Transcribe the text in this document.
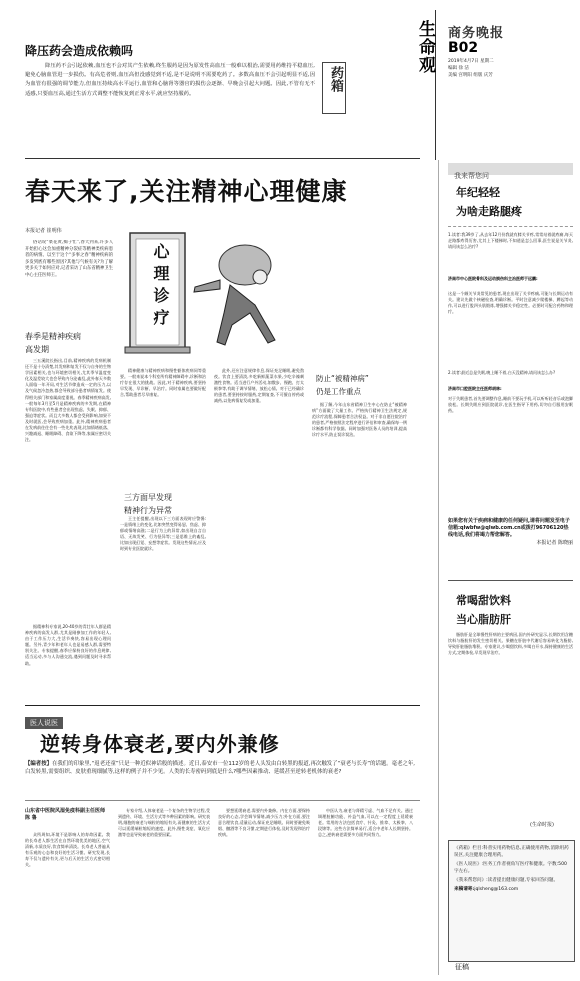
生命观 商务晚报
B02
2019年4月7日 星期二
编辑 徐 洁
美编 宫明阳 组版 庆芳
药箱
降压药会造成依赖吗
降压药不会引起依赖,血压也不会对其产生依赖,终生服药是因为原发性高血压一般难以根治,需要用药维持平稳血压,避免心脑血管进一步损伤。有高危者则,血压高但没感觉到不适,是不是说明不需要吃药了。多数高血压不会引起明显不适,因为血管有很强的调节能力,但血压持续高水平运行,血管和心脑肾等器官的损伤会逐渐、早晚会引起大问题。因此,不管有无不适感,只要血压高,通过生活方式调整不能恢复到正常水平,就应坚持服药。
春天来了,关注精神心理健康
本报记者 崔明伟
心理诊疗
俗话说“菜花黄,痴子忙”,春天到来,许多人开始担心这会加重精神分裂症等精神类疾病患者的病情。以至于这个“多事之春”精神疾病的多发到底有哪些原因?其他与气候有关?为了解更多关于如何应对,记者采访了山东省精神卫生中心主任医师王。
春季是精神疾病
高发期
三五溪院长指出,目前,精神疾病的发病机制还不是十分清楚,其发病和复发不仅与自身的生物学因素相关,也与环境密切相关,尤其季节温度变化及温差较大也会导致内分泌紊乱,此外春天多数人面临一年开局,对生活节律造成一定的压力,以及气候忽冷忽热,都会导致部分患者病情复发。使得相关部门和家属高度重视。春季精神疾病高发,一般每年3月至5月是精神疾病的多发期,在精神专科医院中,有些患者会出现焦虑、失眠、抑郁、强迫等症状。而且大多数人都会受到影响,如果不及时就医,会导致疾病加重。此外,精神疾病患者在发病前往往会有一些先兆表现,比如情绪低落、兴趣减退、睡眠障碍、食欲下降等,家属应密切关注。
据精神科专家说,20-40岁的青壮年人群是精神疾病的高发人群,尤其是刚参加工作的年轻人,由于工作压力大,生活节奏快,容易出现心理问题。另外,青少年和老年人也是易感人群,需要特别关注。专家提醒,春季应保持良好的作息规律,适当运动,多与人沟通交流,遇到问题及时寻求帮助。
精神健康与精神疾病和慢性躯体疾病同等重要。一般来说本个科室所有精神障碍中,诊断和治疗存在很大的挑战。因此,对于精神疾病,要坚持早发现、早诊断、早治疗。同时家属也要做好配合,帮助患者尽早康复。
三方面早发现
精神行为异常
王主任提醒,出现以下三方面表现时应警惕:一是情绪上的变化,比如突然变得易怒、焦虑、抑郁或情绪高涨;二是行为上的异常,如出现自言自语、无故发笑、行为怪异等;三是思维上的紊乱,比如出现幻觉、妄想等症状。发现这些情况,应及时到专业医院就诊。
此外,还应注意规律作息,保证充足睡眠,避免熬夜。饮食上要清淡,多吃新鲜蔬菜水果,少吃辛辣刺激性食物。适当进行户外活动,如散步、慢跑、打太极拳等,有助于调节情绪、放松心情。对于已经确诊的患者,要坚持按时服药,定期复查,不可擅自停药或减药,以免病情复发或加重。
防止“被精神病”
仍是工作重点
据了解,今年山东省精神卫生中心在防止“被精神病”方面做了大量工作。严格执行精神卫生法规定,规范诊疗流程,保障患者合法权益。对于非自愿住院治疗的患者,严格按照法定程序进行评估和审查,确保每一例诊断都有科学依据。同时加强对医务人员的培训,提高诊疗水平,防止误诊误治。
医人说医
逆转身体衰老,要内外兼修
【编者按】在我们的印象里,“返老还童”只是一种近似神话般的描述。近日,泰安市一位112岁的老人头发由白转黑的报道,再次触发了“衰老与长寿”的话题。毫老之年,白发转黑,需要组织、皮肤重现细腻等,这样的例子并不少见。人类的长寿密码到底是什么?哪些因素推动、延缓甚至逆转老机体的衰老?
山东省中医院风湿免疫科副主任医师
陈 鲁
众所周知,环境不是影响人的寿命因素。我的长寿老人都生活在自然环境优美的地区,空气清新,水质良好,饮食简单清淡。长寿老人普遍具有乐观的心态和良好的生活习惯。研究发现,长寿不仅与遗传有关,更与后天的生活方式密切相关。
专家介绍,人体衰老是一个复杂的生物学过程,受到遗传、环境、生活方式等多种因素的影响。研究表明,细胞的衰老与端粒的缩短有关,而健康的生活方式可以延缓端粒缩短的速度。此外,慢性炎症、氧化应激等也是导致衰老的重要因素。
要想延缓衰老,需要内外兼修。内在方面,要保持良好的心态,学会调节情绪,减少压力;外在方面,要注意合理饮食,适量运动,保证充足睡眠。同时要避免吸烟、酗酒等不良习惯,定期进行体检,及时发现和治疗疾病。
中医认为,衰老与肾精亏虚、气血不足有关。通过调理脏腑功能、补益气血,可以在一定程度上延缓衰老。常用的方法包括食疗、针灸、推拿、太极拳、八段锦等。这些方法简单易行,适合中老年人长期坚持。总之,逆转衰老需要多方面共同努力。
我来帮您问
年纪轻轻
为啥走路腿疼
1.读者:我39岁了,从去年12月份我就有膝关节疼,常常站着就疼痛,每天走路都疼得厉害,尤其上下楼梯时,不知道是怎么回事,医生说是关节炎,请问该怎么治疗?
济南市中心医院骨科及运动损伤科主治医师于远鹏:
这是一个颇关节炎常见的患者,现在出现了关节疼痛,可能与长期运动有关。建议先做个核磁检查,明确诊断。平时注意减少爬楼梯、蹲起等动作,可以进行股四头肌锻炼,增强膝关节稳定性。必要时可配合药物和理疗。
2.读者:最近总是失眠,晚上睡不着,白天没精神,请问该怎么办?
济南市口腔医院主任医师胡林:
对于失眠患者,首先要调整作息,睡前不要玩手机,可以听听轻音乐或泡脚放松。长期失眠应到医院就诊,在医生指导下用药,切勿自行服用安眠药。
如果您有关于疾病和健康的任何疑问,请将问题发至电子信箱:qlwbfw@qlwb.com.cn或拨打96706120热线电话,我们将竭力帮您解答。
本报记者 陈晓丽
常喝甜饮料
当心脂肪肝
脂肪肝是全球慢性肝病的主要病因,国内外研究显示,长期饮用含糖饮料与脂肪肝的发生密切相关。果糖在肝脏中代谢后容易转化为脂肪,导致肝脏脂肪堆积。专家建议,少喝甜饮料,多喝白开水,保持健康的生活方式,定期体检,早发现早治疗。
(生命时报)
《药箱》栏目:科普实用药物信息,正确使用药物,消除用药误区,关注健康合理用药。
《医人说医》:医务工作者视角写医疗和健康。字数:500字左右。
《我来帮您问》:读者提出健康问题,专家回答问题。
来稿请寄:jqlsheng@163.com
征稿
